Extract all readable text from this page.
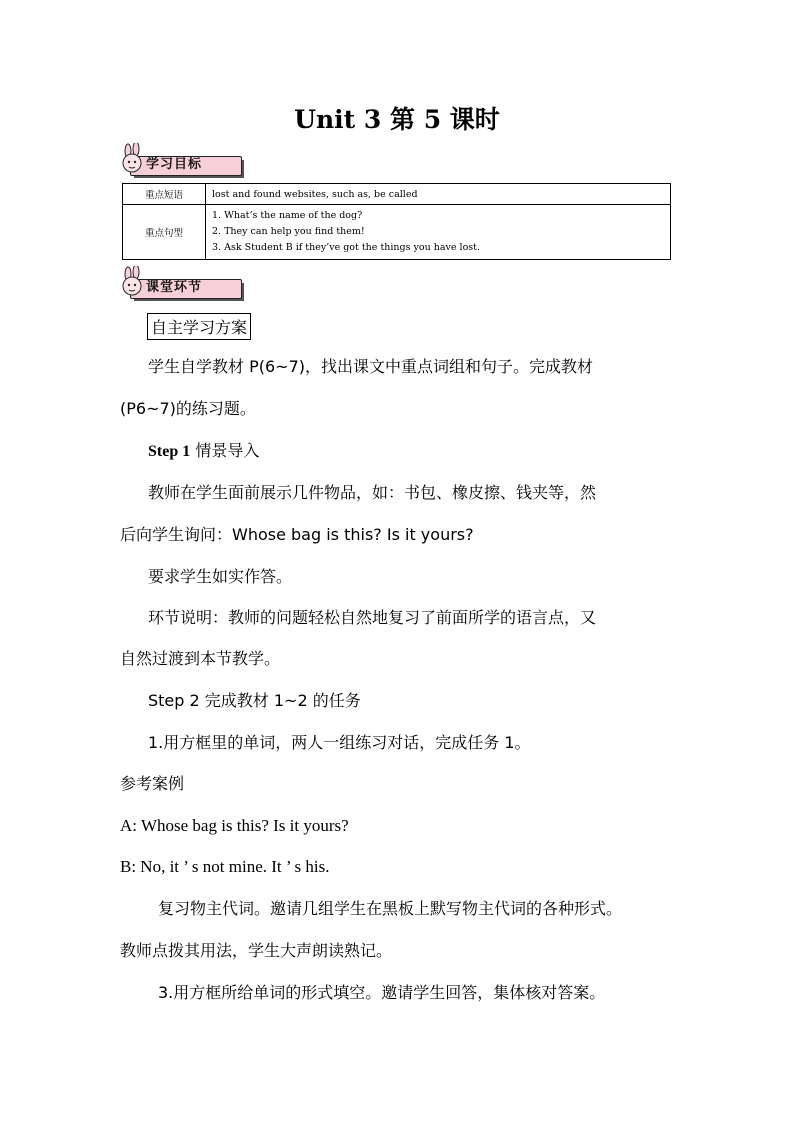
Unit 3 第 5 课时
学习目标
重点短语	lost and found websites, such as, be called
重点句型	1. What’s the name of the dog?
2. They can help you find them!
3. Ask Student B if they’ve got the things you have lost.
课堂环节
自主学习方案
学生自学教材 P(6~7)，找出课文中重点词组和句子。完成教材
(P6~7)的练习题。
Step 1 情景导入
教师在学生面前展示几件物品，如：书包、橡皮擦、钱夹等，然
后向学生询问：Whose bag is this? Is it yours?
要求学生如实作答。
环节说明：教师的问题轻松自然地复习了前面所学的语言点，又
自然过渡到本节教学。
Step 2 完成教材 1~2 的任务
1.用方框里的单词，两人一组练习对话，完成任务 1。
参考案例
A: Whose bag is this? Is it yours?
B: No, it ’ s not mine. It ’ s his.
复习物主代词。邀请几组学生在黑板上默写物主代词的各种形式。
教师点拨其用法，学生大声朗读熟记。
3.用方框所给单词的形式填空。邀请学生回答，集体核对答案。
